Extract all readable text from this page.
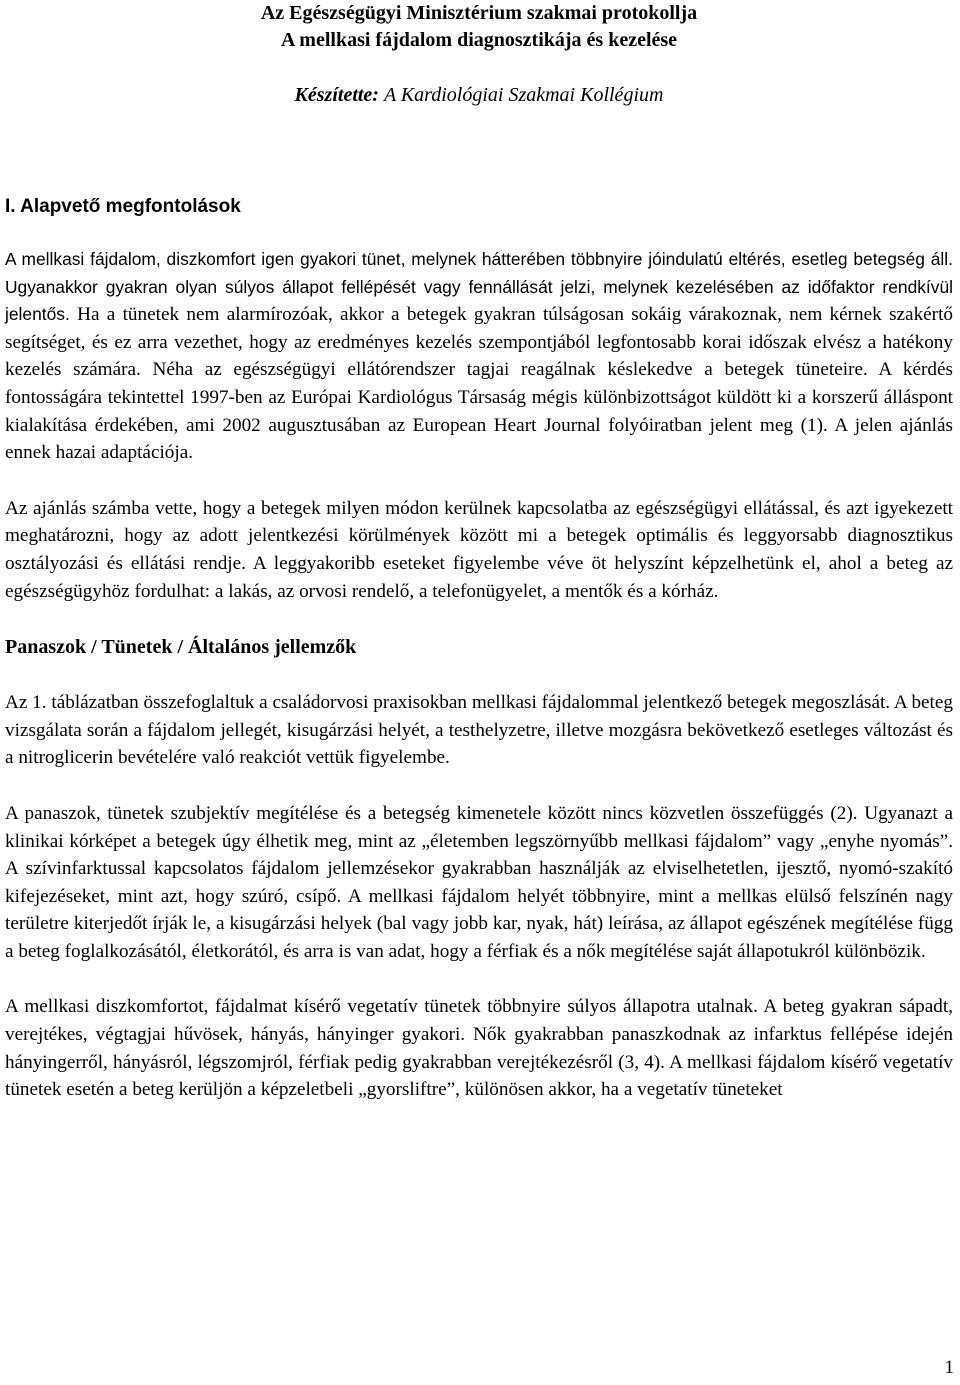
Az Egészségügyi Minisztérium szakmai protokollja

A mellkasi fájdalom diagnosztikája és kezelése

Készítette: A Kardiológiai Szakmai Kollégium
I. Alapvető megfontolások

A mellkasi fájdalom, diszkomfort igen gyakori tünet, melynek hátterében többnyire jóindulatú eltérés, esetleg betegség áll. Ugyanakkor gyakran olyan súlyos állapot fellépését vagy fennállását jelzi, melynek kezelésében az időfaktor rendkívül jelentős. Ha a tünetek nem alarmírozóak, akkor a betegek gyakran túlságosan sokáig várakoznak, nem kérnek szakértő segítséget, és ez arra vezethet, hogy az eredményes kezelés szempontjából legfontosabb korai időszak elvész a hatékony kezelés számára. Néha az egészségügyi ellátórendszer tagjai reagálnak késlekedve a betegek tüneteire. A kérdés fontosságára tekintettel 1997-ben az Európai Kardiológus Társaság mégis különbizottságot küldött ki a korszerű álláspont kialakítása érdekében, ami 2002 augusztusában az European Heart Journal folyóiratban jelent meg (1). A jelen ajánlás ennek hazai adaptációja.

Az ajánlás számba vette, hogy a betegek milyen módon kerülnek kapcsolatba az egészségügyi ellátással, és azt igyekezett meghatározni, hogy az adott jelentkezési körülmények között mi a betegek optimális és leggyorsabb diagnosztikus osztályozási és ellátási rendje. A leggyakoribb eseteket figyelembe véve öt helyszínt képzelhetünk el, ahol a beteg az egészségügyhöz fordulhat: a lakás, az orvosi rendelő, a telefonügyelet, a mentők és a kórház.

Panaszok / Tünetek / Általános jellemzők

Az 1. táblázatban összefoglaltuk a családorvosi praxisokban mellkasi fájdalommal jelentkező betegek megoszlását. A beteg vizsgálata során a fájdalom jellegét, kisugárzási helyét, a testhelyzetre, illetve mozgásra bekövetkező esetleges változást és a nitroglicerin bevételére való reakciót vettük figyelembe.

A panaszok, tünetek szubjektív megítélése és a betegség kimenetele között nincs közvetlen összefüggés (2). Ugyanazt a klinikai kórképet a betegek úgy élhetik meg, mint az „életemben legszörnyűbb mellkasi fájdalom” vagy „enyhe nyomás”. A szívinfarktussal kapcsolatos fájdalom jellemzésekor gyakrabban használják az elviselhetetlen, ijesztő, nyomó-szakító kifejezéseket, mint azt, hogy szúró, csípő. A mellkasi fájdalom helyét többnyire, mint a mellkas elülső felszínén nagy területre kiterjedőt írják le, a kisugárzási helyek (bal vagy jobb kar, nyak, hát) leírása, az állapot egészének megítélése függ a beteg foglalkozásától, életkorától, és arra is van adat, hogy a férfiak és a nők megítélése saját állapotukról különbözik.

A mellkasi diszkomfortot, fájdalmat kísérő vegetatív tünetek többnyire súlyos állapotra utalnak. A beteg gyakran sápadt, verejtékes, végtagjai hűvösek, hányás, hányinger gyakori. Nők gyakrabban panaszkodnak az infarktus fellépése idején hányingerről, hányásról, légszomjról, férfiak pedig gyakrabban verejtékezésről (3, 4). A mellkasi fájdalom kísérő vegetatív tünetek esetén a beteg kerüljön a képzeletbeli „gyorsliftre”, különösen akkor, ha a vegetatív tüneteket

1
